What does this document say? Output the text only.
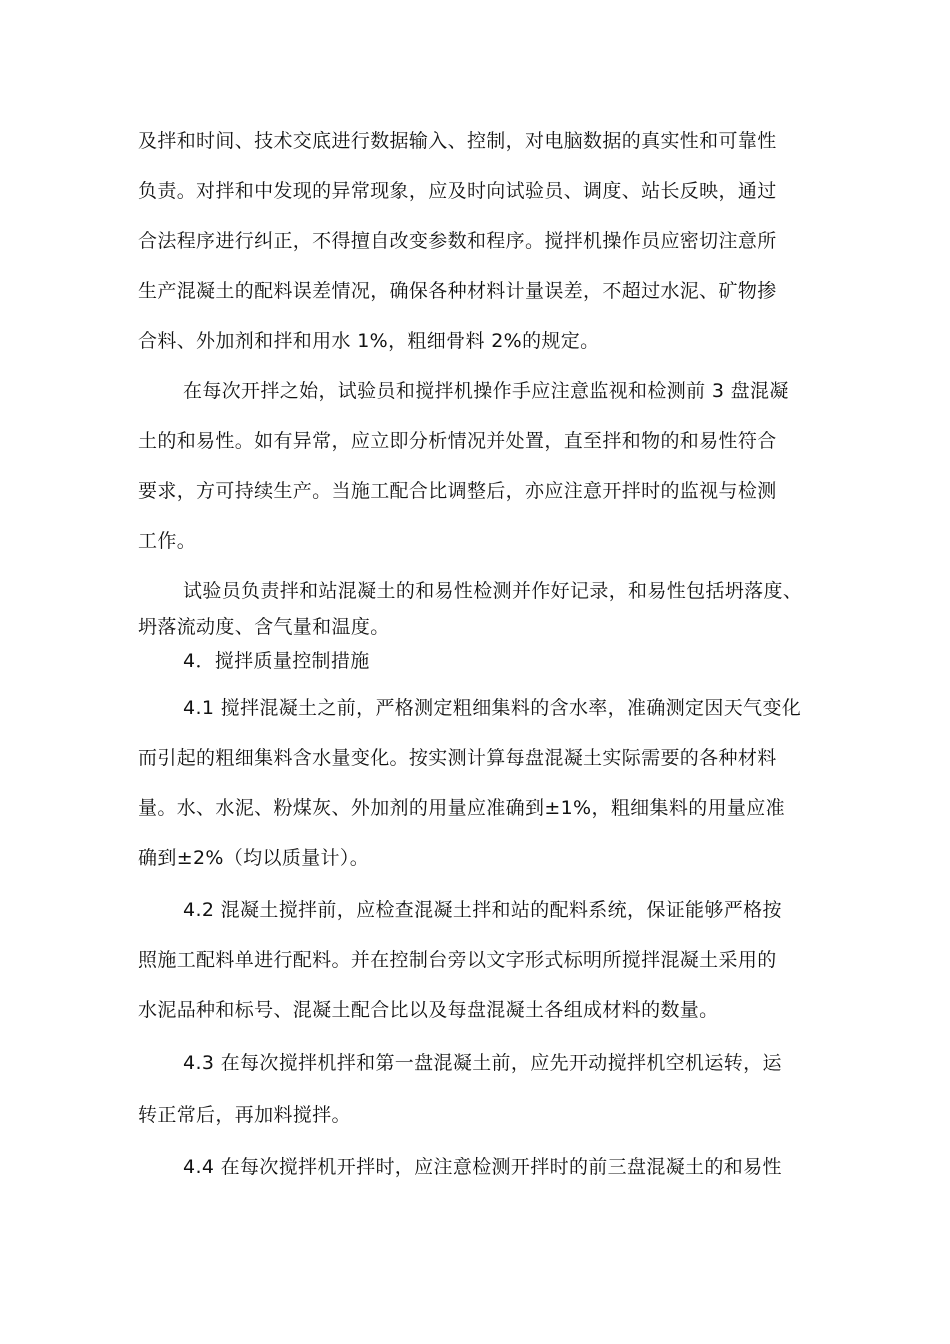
及拌和时间、技术交底进行数据输入、控制，对电脑数据的真实性和可靠性
负责。对拌和中发现的异常现象，应及时向试验员、调度、站长反映，通过
合法程序进行纠正，不得擅自改变参数和程序。搅拌机操作员应密切注意所
生产混凝土的配料误差情况，确保各种材料计量误差，不超过水泥、矿物掺
合料、外加剂和拌和用水 1%，粗细骨料 2%的规定。
在每次开拌之始，试验员和搅拌机操作手应注意监视和检测前 3 盘混凝
土的和易性。如有异常，应立即分析情况并处置，直至拌和物的和易性符合
要求，方可持续生产。当施工配合比调整后，亦应注意开拌时的监视与检测
工作。
试验员负责拌和站混凝土的和易性检测并作好记录，和易性包括坍落度、
坍落流动度、含气量和温度。
4．搅拌质量控制措施
4.1 搅拌混凝土之前，严格测定粗细集料的含水率，准确测定因天气变化
而引起的粗细集料含水量变化。按实测计算每盘混凝土实际需要的各种材料
量。水、水泥、粉煤灰、外加剂的用量应准确到±1%，粗细集料的用量应准
确到±2%（均以质量计）。
4.2 混凝土搅拌前，应检查混凝土拌和站的配料系统，保证能够严格按
照施工配料单进行配料。并在控制台旁以文字形式标明所搅拌混凝土采用的
水泥品种和标号、混凝土配合比以及每盘混凝土各组成材料的数量。
4.3 在每次搅拌机拌和第一盘混凝土前，应先开动搅拌机空机运转，运
转正常后，再加料搅拌。
4.4 在每次搅拌机开拌时，应注意检测开拌时的前三盘混凝土的和易性
